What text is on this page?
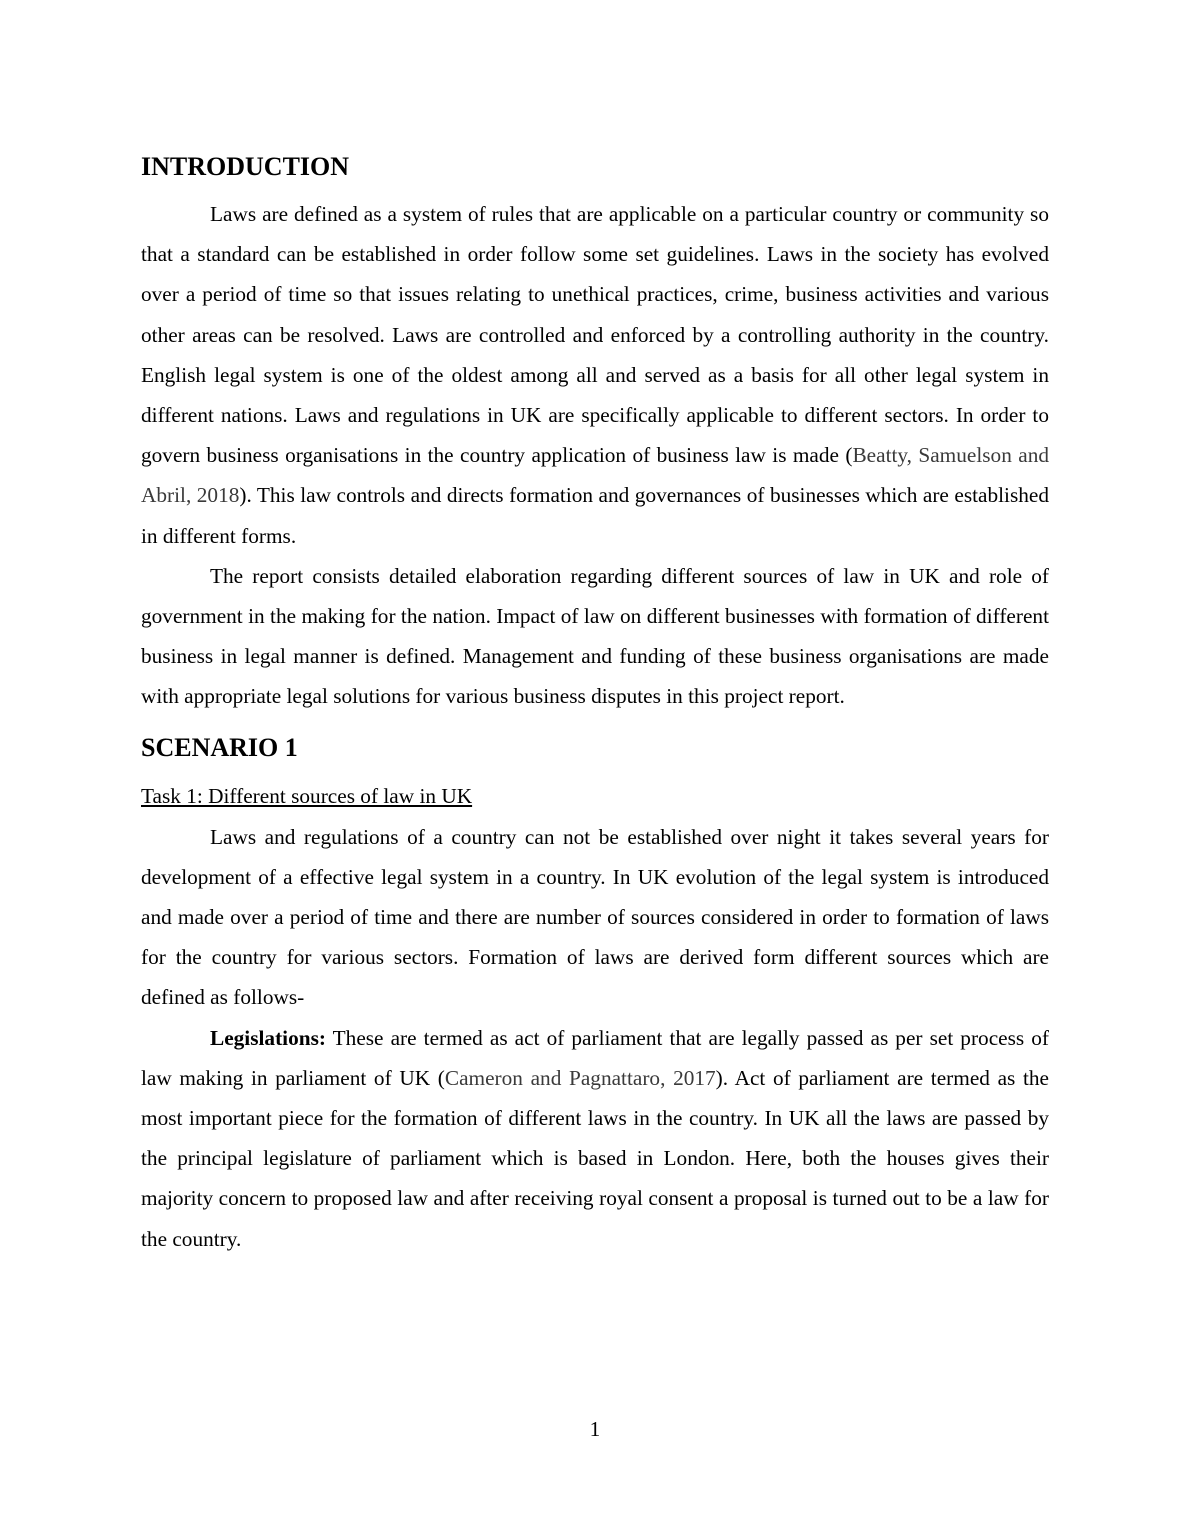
INTRODUCTION

Laws are defined as a system of rules that are applicable on a particular country or community so that a standard can be established in order follow some set guidelines. Laws in the society has evolved over a period of time so that issues relating to unethical practices, crime, business activities and various other areas can be resolved. Laws are controlled and enforced by a controlling authority in the country. English legal system is one of the oldest among all and served as a basis for all other legal system in different nations. Laws and regulations in UK are specifically applicable to different sectors. In order to govern business organisations in the country application of business law is made (Beatty, Samuelson and Abril, 2018). This law controls and directs formation and governances of businesses which are established in different forms.

The report consists detailed elaboration regarding different sources of law in UK and role of government in the making for the nation. Impact of law on different businesses with formation of different business in legal manner is defined. Management and funding of these business organisations are made with appropriate legal solutions for various business disputes in this project report.

SCENARIO 1

Task 1: Different sources of law in UK

Laws and regulations of a country can not be established over night it takes several years for development of a effective legal system in a country. In UK evolution of the legal system is introduced and made over a period of time and there are number of sources considered in order to formation of laws for the country for various sectors. Formation of laws are derived form different sources which are defined as follows-

Legislations: These are termed as act of parliament that are legally passed as per set process of law making in parliament of UK (Cameron and Pagnattaro, 2017). Act of parliament are termed as the most important piece for the formation of different laws in the country. In UK all the laws are passed by the principal legislature of parliament which is based in London. Here, both the houses gives their majority concern to proposed law and after receiving royal consent a proposal is turned out to be a law for the country.

1
